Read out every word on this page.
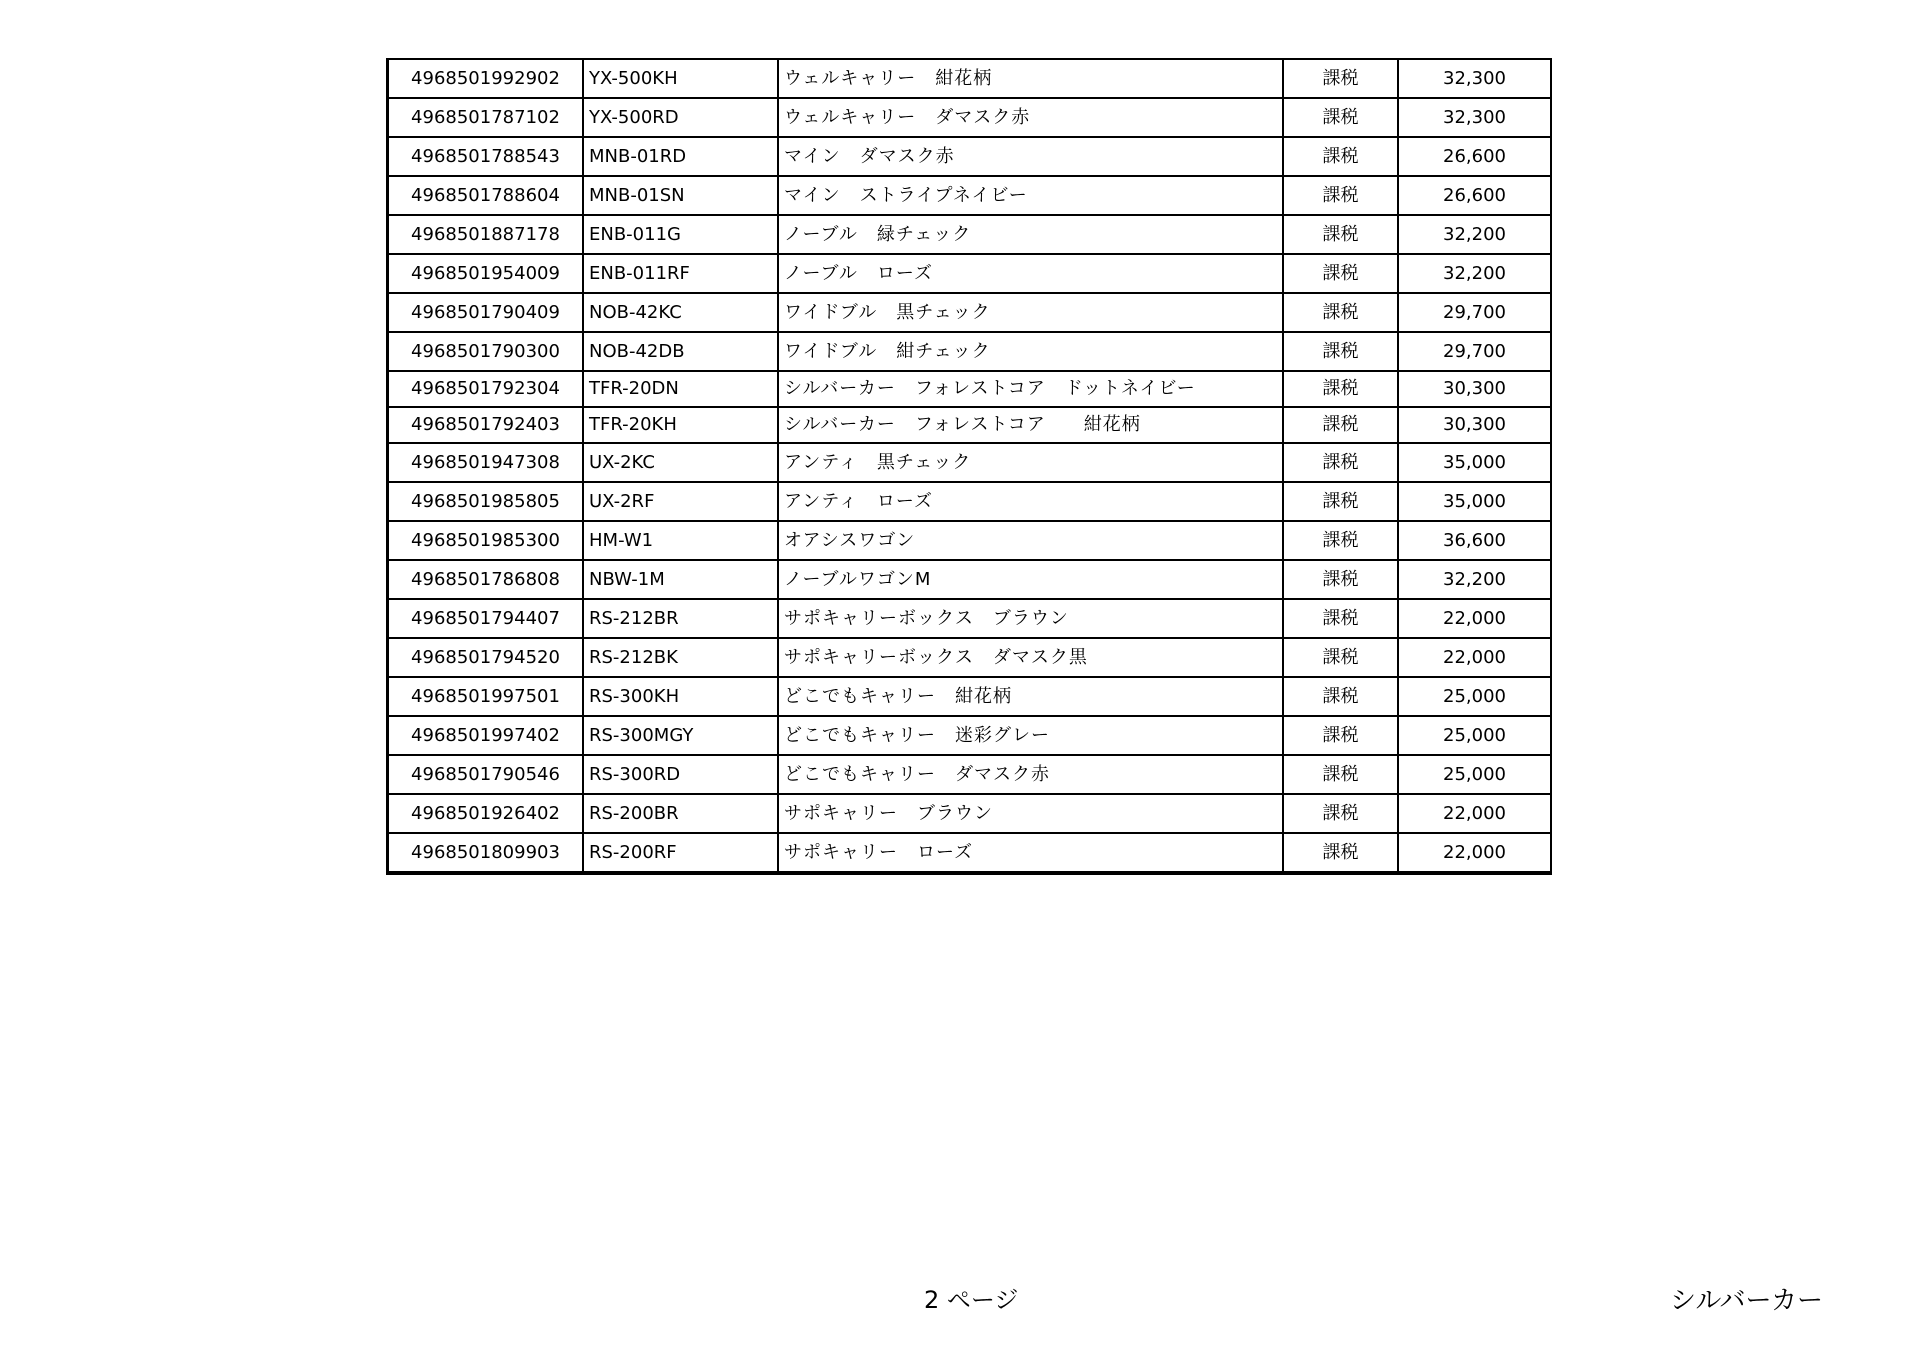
4968501992902	YX-500KH	ウェルキャリー　紺花柄	課税	32,300
4968501787102	YX-500RD	ウェルキャリー　ダマスク赤	課税	32,300
4968501788543	MNB-01RD	マイン　ダマスク赤	課税	26,600
4968501788604	MNB-01SN	マイン　ストライプネイビー	課税	26,600
4968501887178	ENB-011G	ノーブル　緑チェック	課税	32,200
4968501954009	ENB-011RF	ノーブル　ローズ	課税	32,200
4968501790409	NOB-42KC	ワイドブル　黒チェック	課税	29,700
4968501790300	NOB-42DB	ワイドブル　紺チェック	課税	29,700
4968501792304	TFR-20DN	シルバーカー　フォレストコア　ドットネイビー	課税	30,300
4968501792403	TFR-20KH	シルバーカー　フォレストコア　　紺花柄	課税	30,300
4968501947308	UX-2KC	アンティ　黒チェック	課税	35,000
4968501985805	UX-2RF	アンティ　ローズ	課税	35,000
4968501985300	HM-W1	オアシスワゴン	課税	36,600
4968501786808	NBW-1M	ノーブルワゴンM	課税	32,200
4968501794407	RS-212BR	サポキャリーボックス　ブラウン	課税	22,000
4968501794520	RS-212BK	サポキャリーボックス　ダマスク黒	課税	22,000
4968501997501	RS-300KH	どこでもキャリー　紺花柄	課税	25,000
4968501997402	RS-300MGY	どこでもキャリー　迷彩グレー	課税	25,000
4968501790546	RS-300RD	どこでもキャリー　ダマスク赤	課税	25,000
4968501926402	RS-200BR	サポキャリー　ブラウン	課税	22,000
4968501809903	RS-200RF	サポキャリー　ローズ	課税	22,000
2 ページ	シルバーカー
